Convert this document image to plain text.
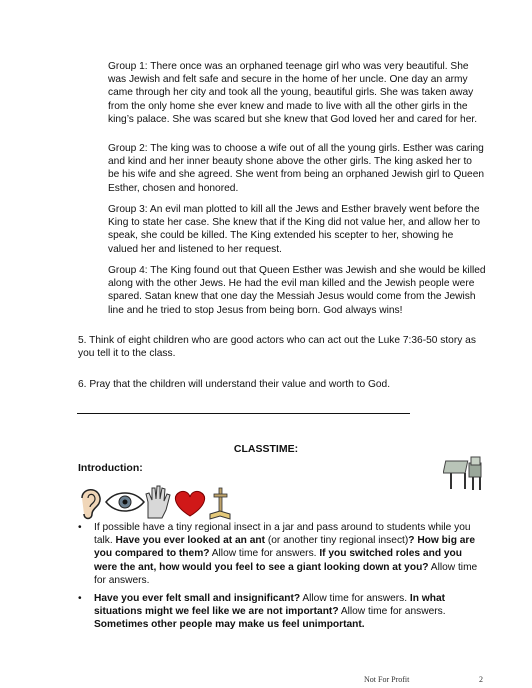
Group 1: There once was an orphaned teenage girl who was very beautiful. She was Jewish and felt safe and secure in the home of her uncle. One day an army came through her city and took all the young, beautiful girls. She was taken away from the only home she ever knew and made to live with all the other girls in the king’s palace. She was scared but she knew that God loved her and cared for her.

Group 2: The king was to choose a wife out of all the young girls. Esther was caring and kind and her inner beauty shone above the other girls. The king asked her to be his wife and she agreed. She went from being an orphaned Jewish girl to Queen Esther, chosen and honored.

Group 3: An evil man plotted to kill all the Jews and Esther bravely went before the King to state her case. She knew that if the King did not value her, and allow her to speak, she could be killed. The King extended his scepter to her, showing he valued her and listened to her request.

Group 4: The King found out that Queen Esther was Jewish and she would be killed along with the other Jews. He had the evil man killed and the Jewish people were spared. Satan knew that one day the Messiah Jesus would come from the Jewish line and he tried to stop Jesus from being born. God always wins!

5. Think of eight children who are good actors who can act out the Luke 7:36-50 story as you tell it to the class.

6. Pray that the children will understand their value and worth to God.

CLASSTIME:

Introduction:

• If possible have a tiny regional insect in a jar and pass around to students while you talk. Have you ever looked at an ant (or another tiny regional insect)? How big are you compared to them? Allow time for answers. If you switched roles and you were the ant, how would you feel to see a giant looking down at you? Allow time for answers.

• Have you ever felt small and insignificant? Allow time for answers. In what situations might we feel like we are not important? Allow time for answers. Sometimes other people may make us feel unimportant.

Not For Profit	2
